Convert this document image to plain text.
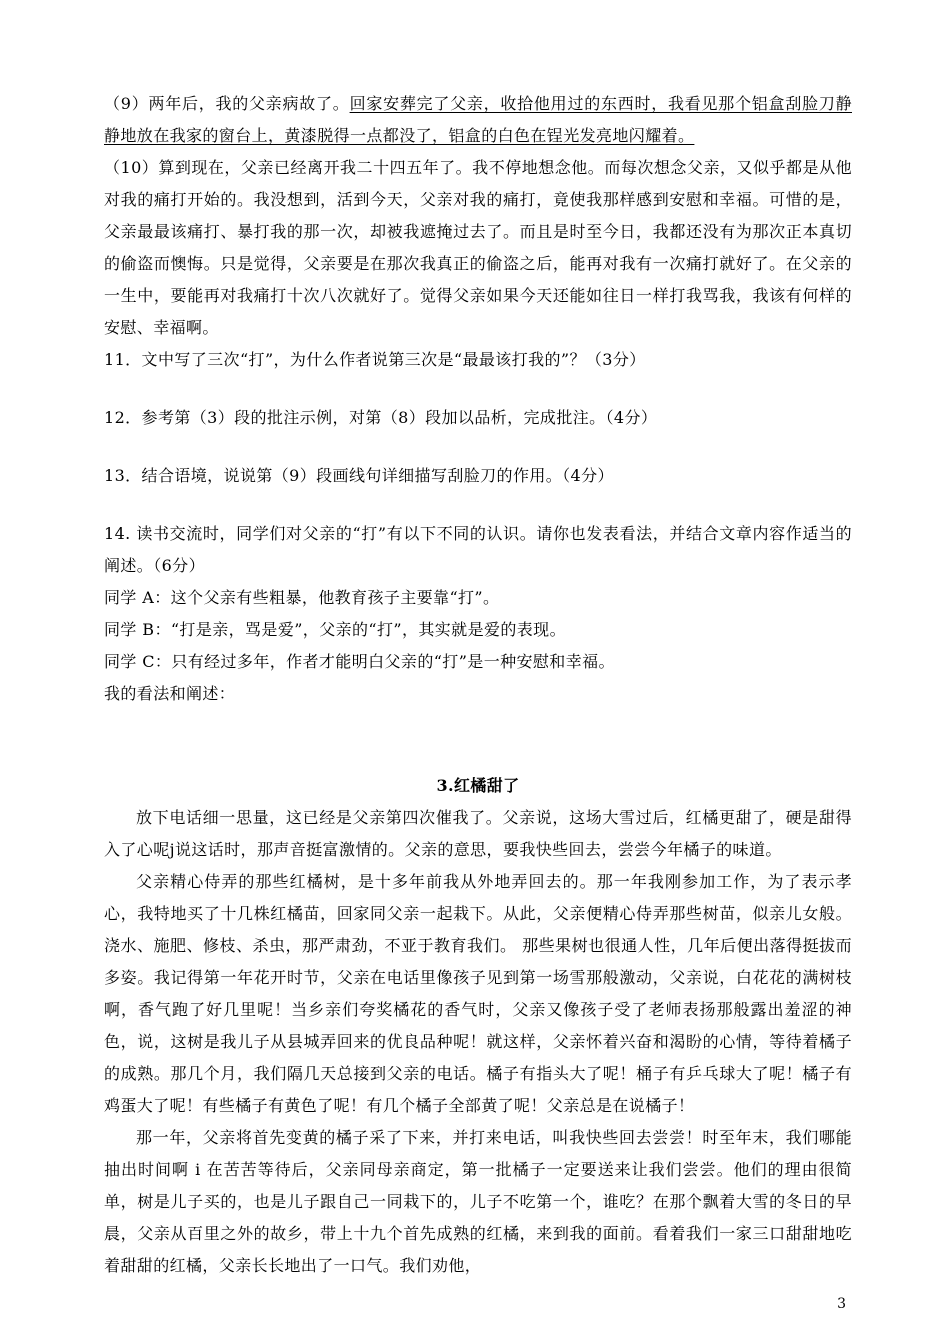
（9）两年后，我的父亲病故了。回家安葬完了父亲，收拾他用过的东西时，我看见那个铝盒刮脸刀静静地放在我家的窗台上，黄漆脱得一点都没了，铝盒的白色在锃光发亮地闪耀着。

（10）算到现在，父亲已经离开我二十四五年了。我不停地想念他。而每次想念父亲，又似乎都是从他对我的痛打开始的。我没想到，活到今天，父亲对我的痛打，竟使我那样感到安慰和幸福。可惜的是，父亲最最该痛打、暴打我的那一次，却被我遮掩过去了。而且是时至今日，我都还没有为那次正本真切的偷盗而懊悔。只是觉得，父亲要是在那次我真正的偷盗之后，能再对我有一次痛打就好了。在父亲的一生中，要能再对我痛打十次八次就好了。觉得父亲如果今天还能如往日一样打我骂我，我该有何样的安慰、幸福啊。

11．文中写了三次“打”，为什么作者说第三次是“最最该打我的”？（3分）

12．参考第（3）段的批注示例，对第（8）段加以品析，完成批注。（4分）

13．结合语境，说说第（9）段画线句详细描写刮脸刀的作用。（4分）

14. 读书交流时，同学们对父亲的“打”有以下不同的认识。请你也发表看法，并结合文章内容作适当的阐述。（6分）

同学 A：这个父亲有些粗暴，他教育孩子主要靠“打”。

同学 B：“打是亲，骂是爱”，父亲的“打”，其实就是爱的表现。

同学 C：只有经过多年，作者才能明白父亲的“打”是一种安慰和幸福。

我的看法和阐述：

3.红橘甜了

放下电话细一思量，这已经是父亲第四次催我了。父亲说，这场大雪过后，红橘更甜了，硬是甜得入了心呢j说这话时，那声音挺富激情的。父亲的意思，要我快些回去，尝尝今年橘子的味道。

父亲精心侍弄的那些红橘树，是十多年前我从外地弄回去的。那一年我刚参加工作，为了表示孝心，我特地买了十几株红橘苗，回家同父亲一起栽下。从此，父亲便精心侍弄那些树苗，似亲儿女般。浇水、施肥、修枝、杀虫，那严肃劲，不亚于教育我们。 那些果树也很通人性，几年后便出落得挺拔而多姿。我记得第一年花开时节，父亲在电话里像孩子见到第一场雪那般激动，父亲说，白花花的满树枝啊，香气跑了好几里呢！当乡亲们夸奖橘花的香气时，父亲又像孩子受了老师表扬那般露出羞涩的神色，说，这树是我儿子从县城弄回来的优良品种呢！就这样，父亲怀着兴奋和渴盼的心情，等待着橘子的成熟。那几个月，我们隔几天总接到父亲的电话。橘子有指头大了呢！桶子有乒乓球大了呢！橘子有鸡蛋大了呢！有些橘子有黄色了呢！有几个橘子全部黄了呢！父亲总是在说橘子！

那一年，父亲将首先变黄的橘子采了下来，并打来电话，叫我快些回去尝尝！时至年末，我们哪能抽出时间啊 i 在苦苦等待后，父亲同母亲商定，第一批橘子一定要送来让我们尝尝。他们的理由很简单，树是儿子买的，也是儿子跟自己一同栽下的，儿子不吃第一个，谁吃？在那个飘着大雪的冬日的早晨，父亲从百里之外的故乡，带上十九个首先成熟的红橘，来到我的面前。看着我们一家三口甜甜地吃着甜甜的红橘，父亲长长地出了一口气。我们劝他，

3
